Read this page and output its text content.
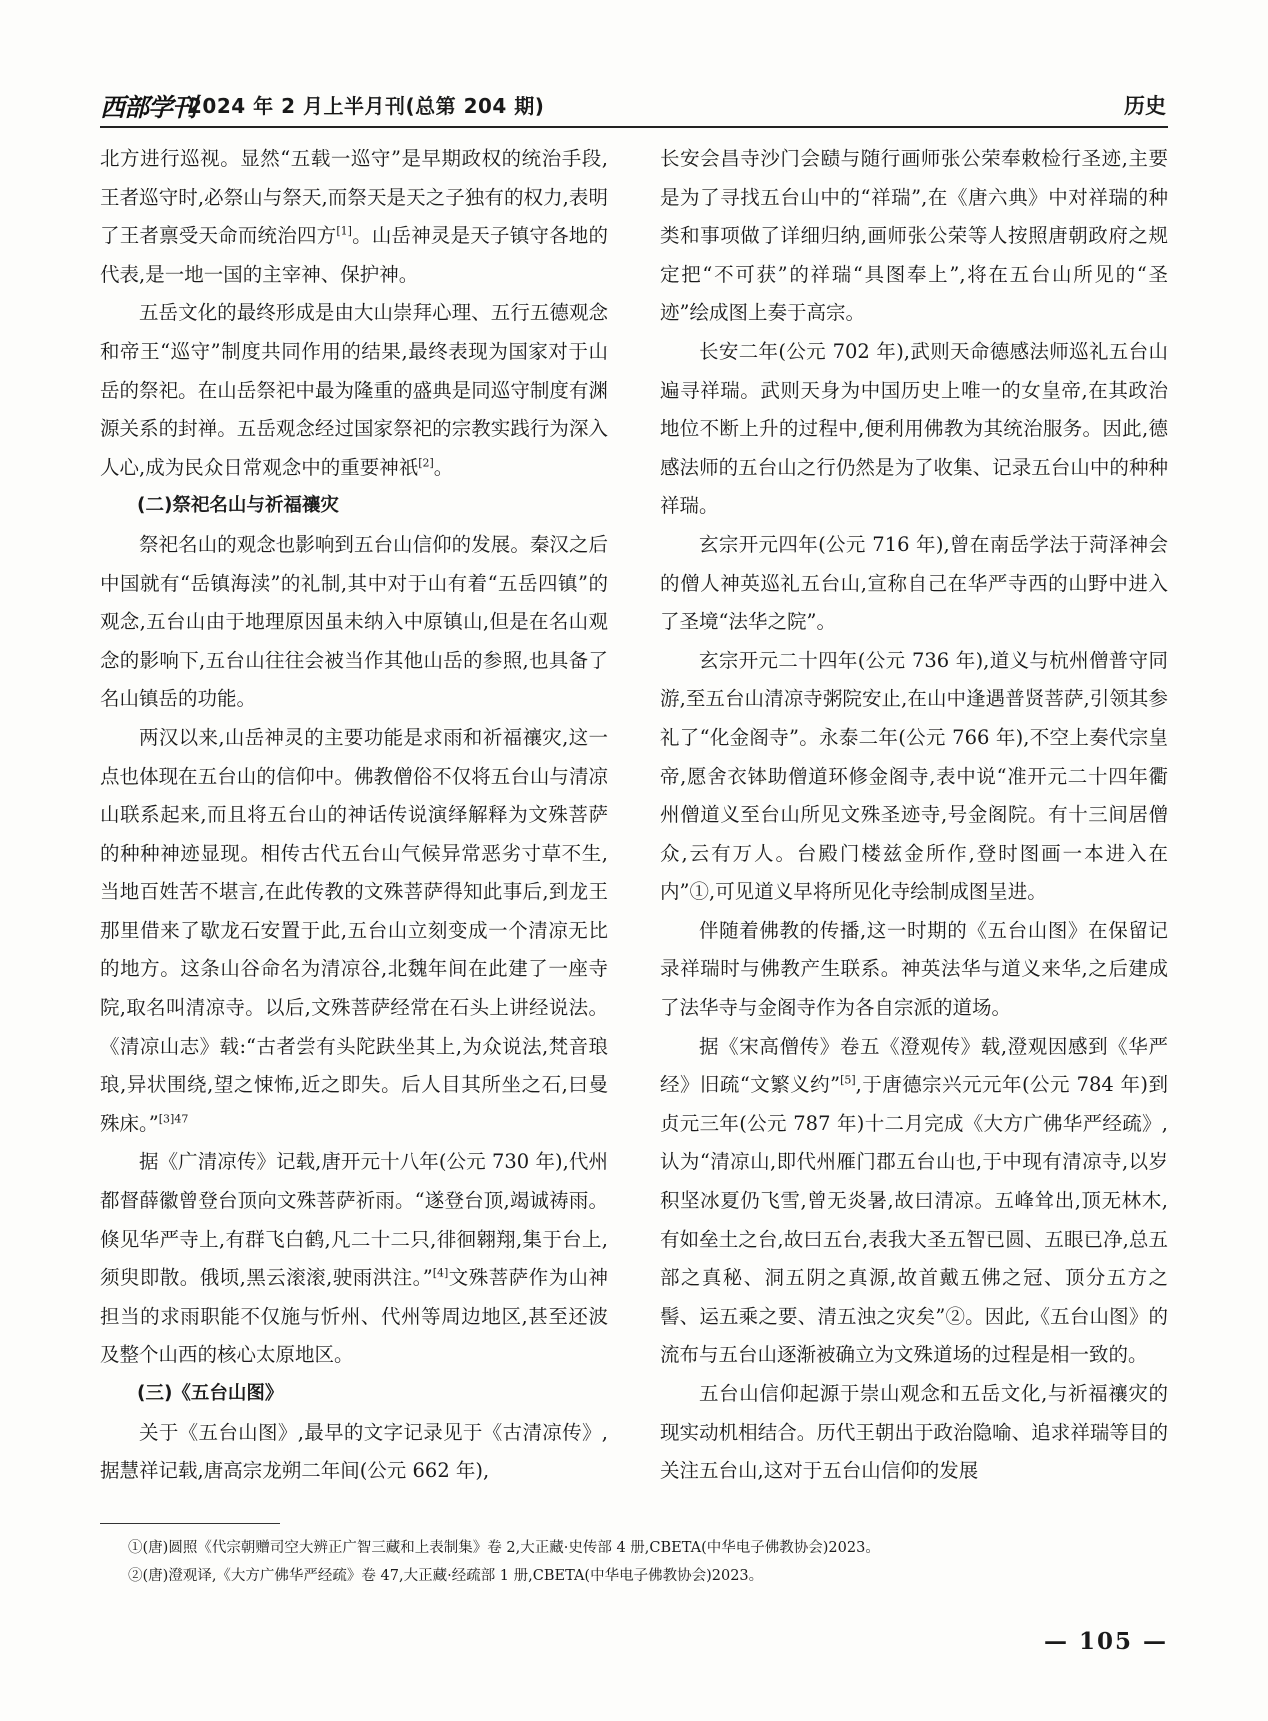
西部学刊
2024 年 2 月上半月刊(总第 204 期)	历史

北方进行巡视。显然“五载一巡守”是早期政权的统治手段,王者巡守时,必祭山与祭天,而祭天是天之子独有的权力,表明了王者禀受天命而统治四方[1]。山岳神灵是天子镇守各地的代表,是一地一国的主宰神、保护神。

五岳文化的最终形成是由大山崇拜心理、五行五德观念和帝王“巡守”制度共同作用的结果,最终表现为国家对于山岳的祭祀。在山岳祭祀中最为隆重的盛典是同巡守制度有渊源关系的封禅。五岳观念经过国家祭祀的宗教实践行为深入人心,成为民众日常观念中的重要神祇[2]。

(二)祭祀名山与祈福禳灾

祭祀名山的观念也影响到五台山信仰的发展。秦汉之后中国就有“岳镇海渎”的礼制,其中对于山有着“五岳四镇”的观念,五台山由于地理原因虽未纳入中原镇山,但是在名山观念的影响下,五台山往往会被当作其他山岳的参照,也具备了名山镇岳的功能。

两汉以来,山岳神灵的主要功能是求雨和祈福禳灾,这一点也体现在五台山的信仰中。佛教僧俗不仅将五台山与清凉山联系起来,而且将五台山的神话传说演绎解释为文殊菩萨的种种神迹显现。相传古代五台山气候异常恶劣寸草不生,当地百姓苦不堪言,在此传教的文殊菩萨得知此事后,到龙王那里借来了歇龙石安置于此,五台山立刻变成一个清凉无比的地方。这条山谷命名为清凉谷,北魏年间在此建了一座寺院,取名叫清凉寺。以后,文殊菩萨经常在石头上讲经说法。《清凉山志》载:“古者尝有头陀趺坐其上,为众说法,梵音琅琅,异状围绕,望之悚怖,近之即失。后人目其所坐之石,曰曼殊床。”$^{[3]47}$

据《广清凉传》记载,唐开元十八年(公元 730 年),代州都督薛徽曾登台顶向文殊菩萨祈雨。“遂登台顶,竭诚祷雨。倏见华严寺上,有群飞白鹤,凡二十二只,徘徊翱翔,集于台上,须臾即散。俄顷,黑云滚滚,驶雨洪注。”[4]文殊菩萨作为山神担当的求雨职能不仅施与忻州、代州等周边地区,甚至还波及整个山西的核心太原地区。

(三)《五台山图》

关于《五台山图》,最早的文字记录见于《古清凉传》,据慧祥记载,唐高宗龙朔二年间(公元 662 年),

长安会昌寺沙门会赜与随行画师张公荣奉敕检行圣迹,主要是为了寻找五台山中的“祥瑞”,在《唐六典》中对祥瑞的种类和事项做了详细归纳,画师张公荣等人按照唐朝政府之规定把“不可获”的祥瑞“具图奉上”,将在五台山所见的“圣迹”绘成图上奏于高宗。

长安二年(公元 702 年),武则天命德感法师巡礼五台山遍寻祥瑞。武则天身为中国历史上唯一的女皇帝,在其政治地位不断上升的过程中,便利用佛教为其统治服务。因此,德感法师的五台山之行仍然是为了收集、记录五台山中的种种祥瑞。

玄宗开元四年(公元 716 年),曾在南岳学法于菏泽神会的僧人神英巡礼五台山,宣称自己在华严寺西的山野中进入了圣境“法华之院”。

玄宗开元二十四年(公元 736 年),道义与杭州僧普守同游,至五台山清凉寺粥院安止,在山中逢遇普贤菩萨,引领其参礼了“化金阁寺”。永泰二年(公元 766 年),不空上奏代宗皇帝,愿舍衣钵助僧道环修金阁寺,表中说“准开元二十四年衢州僧道义至台山所见文殊圣迹寺,号金阁院。有十三间居僧众,云有万人。台殿门楼兹金所作,登时图画一本进入在内”①,可见道义早将所见化寺绘制成图呈进。

伴随着佛教的传播,这一时期的《五台山图》在保留记录祥瑞时与佛教产生联系。神英法华与道义来华,之后建成了法华寺与金阁寺作为各自宗派的道场。

据《宋高僧传》卷五《澄观传》载,澄观因感到《华严经》旧疏“文繁义约”[5],于唐德宗兴元元年(公元 784 年)到贞元三年(公元 787 年)十二月完成《大方广佛华严经疏》,认为“清凉山,即代州雁门郡五台山也,于中现有清凉寺,以岁积坚冰夏仍飞雪,曾无炎暑,故曰清凉。五峰耸出,顶无林木,有如垒土之台,故曰五台,表我大圣五智已圆、五眼已净,总五部之真秘、洞五阴之真源,故首戴五佛之冠、顶分五方之髻、运五乘之要、清五浊之灾矣”②。因此,《五台山图》的流布与五台山逐渐被确立为文殊道场的过程是相一致的。

五台山信仰起源于崇山观念和五岳文化,与祈福禳灾的现实动机相结合。历代王朝出于政治隐喻、追求祥瑞等目的关注五台山,这对于五台山信仰的发展

①(唐)圆照《代宗朝赠司空大辨正广智三藏和上表制集》卷 2,大正藏·史传部 4 册,CBETA(中华电子佛教协会)2023。
②(唐)澄观译,《大方广佛华严经疏》卷 47,大正藏·经疏部 1 册,CBETA(中华电子佛教协会)2023。
— 105 —
